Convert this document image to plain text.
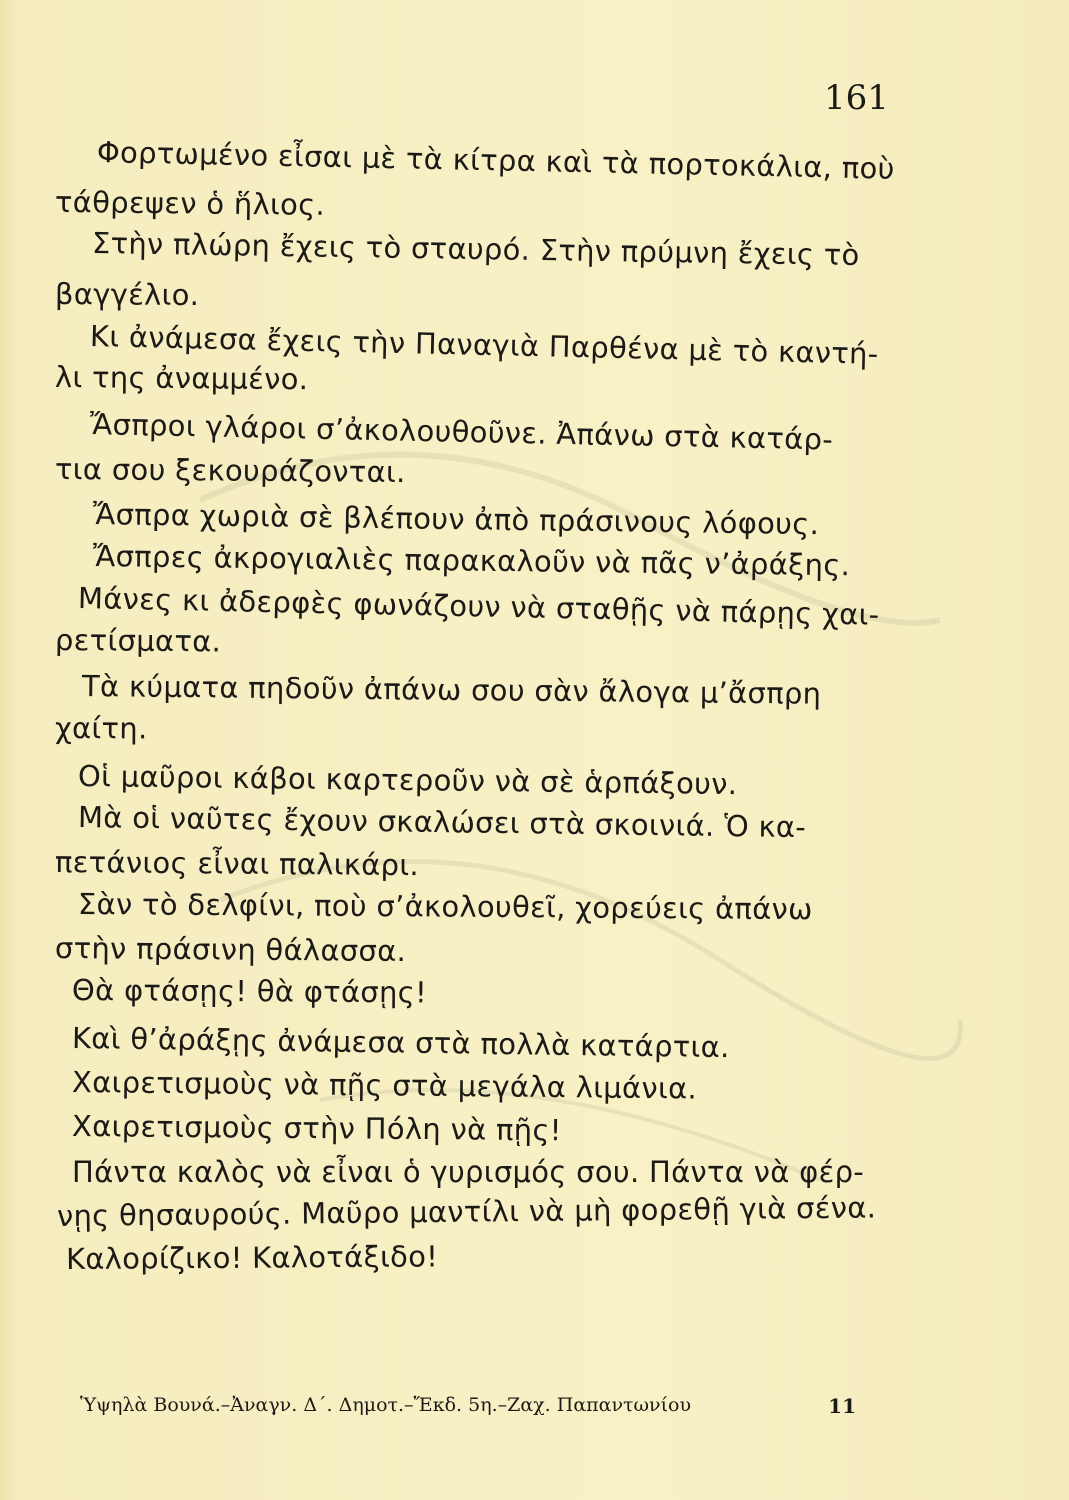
161
Φορτωμένο εἶσαι μὲ τὰ κίτρα καὶ τὰ πορτοκάλια, ποὺ
τάθρεψεν ὁ ἥλιος.
Στὴν πλώρη ἔχεις τὸ σταυρό. Στὴν πρύμνη ἔχεις τὸ
βαγγέλιο.
Κι ἀνάμεσα ἔχεις τὴν Παναγιὰ Παρθένα μὲ τὸ καντή-
λι της ἀναμμένο.
Ἄσπροι γλάροι σ’ἀκολουθοῦνε. Ἀπάνω στὰ κατάρ-
τια σου ξεκουράζονται.
Ἄσπρα χωριὰ σὲ βλέπουν ἀπὸ πράσινους λόφους.
Ἄσπρες ἀκρογιαλιὲς παρακαλοῦν νὰ πᾶς ν’ἀράξης.
Μάνες κι ἀδερφὲς φωνάζουν νὰ σταθῇς νὰ πάρῃς χαι-
ρετίσματα.
Τὰ κύματα πηδοῦν ἀπάνω σου σὰν ἄλογα μ’ἄσπρη
χαίτη.
Οἱ μαῦροι κάβοι καρτεροῦν νὰ σὲ ἁρπάξουν.
Μὰ οἱ ναῦτες ἔχουν σκαλώσει στὰ σκοινιά. Ὁ κα-
πετάνιος εἶναι παλικάρι.
Σὰν τὸ δελφίνι, ποὺ σ’ἀκολουθεῖ, χορεύεις ἀπάνω
στὴν πράσινη θάλασσα.
Θὰ φτάσῃς! θὰ φτάσῃς!
Καὶ θ’ἀράξῃς ἀνάμεσα στὰ πολλὰ κατάρτια.
Χαιρετισμοὺς νὰ πῇς στὰ μεγάλα λιμάνια.
Χαιρετισμοὺς στὴν Πόλη νὰ πῇς!
Πάντα καλὸς νὰ εἶναι ὁ γυρισμός σου. Πάντα νὰ φέρ-
νῃς θησαυρούς. Μαῦρο μαντίλι νὰ μὴ φορεθῇ γιὰ σένα.
Καλορίζικο! Καλοτάξιδο!
Ὑψηλὰ Βουνά.–Ἀναγν. Δ΄. Δημοτ.–Ἔκδ. 5η.–Ζαχ. Παπαντωνίου	11
